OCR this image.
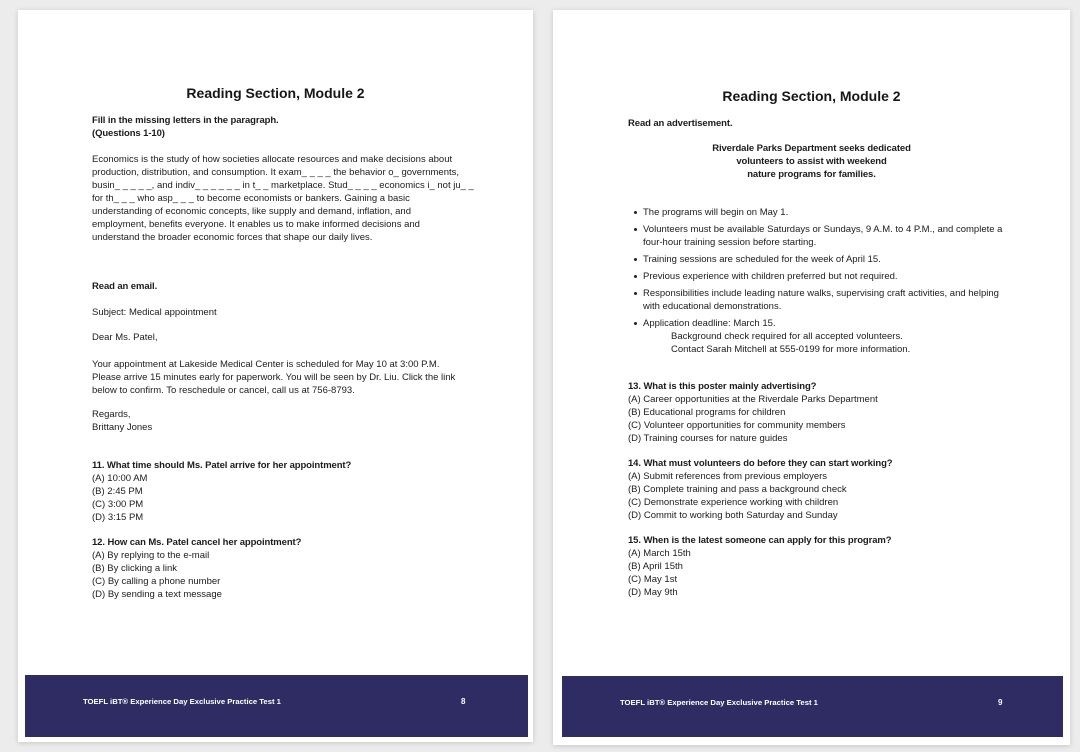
Reading Section, Module 2
Fill in the missing letters in the paragraph.
(Questions 1-10)
Economics is the study of how societies allocate resources and make decisions about
production, distribution, and consumption. It exam_ _ _ _ the behavior o_ governments,
busin_ _ _ _ _, and indiv_ _ _ _ _ _ in t_ _ marketplace. Stud_ _ _ _ economics i_ not ju_ _
for th_ _ _ who asp_ _ _ to become economists or bankers. Gaining a basic
understanding of economic concepts, like supply and demand, inflation, and
employment, benefits everyone. It enables us to make informed decisions and
understand the broader economic forces that shape our daily lives.
Read an email.
Subject: Medical appointment
Dear Ms. Patel,
Your appointment at Lakeside Medical Center is scheduled for May 10 at 3:00 P.M.
Please arrive 15 minutes early for paperwork. You will be seen by Dr. Liu. Click the link
below to confirm. To reschedule or cancel, call us at 756-8793.
Regards,
Brittany Jones
11. What time should Ms. Patel arrive for her appointment?
(A) 10:00 AM
(B) 2:45 PM
(C) 3:00 PM
(D) 3:15 PM
12. How can Ms. Patel cancel her appointment?
(A) By replying to the e-mail
(B) By clicking a link
(C) By calling a phone number
(D) By sending a text message
TOEFL iBT® Experience Day Exclusive Practice Test 1	8
Reading Section, Module 2
Read an advertisement.
Riverdale Parks Department seeks dedicated
volunteers to assist with weekend
nature programs for families.
The programs will begin on May 1.
Volunteers must be available Saturdays or Sundays, 9 A.M. to 4 P.M., and complete a
four-hour training session before starting.
Training sessions are scheduled for the week of April 15.
Previous experience with children preferred but not required.
Responsibilities include leading nature walks, supervising craft activities, and helping
with educational demonstrations.
Application deadline: March 15.
Background check required for all accepted volunteers.
Contact Sarah Mitchell at 555-0199 for more information.
13. What is this poster mainly advertising?
(A) Career opportunities at the Riverdale Parks Department
(B) Educational programs for children
(C) Volunteer opportunities for community members
(D) Training courses for nature guides
14. What must volunteers do before they can start working?
(A) Submit references from previous employers
(B) Complete training and pass a background check
(C) Demonstrate experience working with children
(D) Commit to working both Saturday and Sunday
15. When is the latest someone can apply for this program?
(A) March 15th
(B) April 15th
(C) May 1st
(D) May 9th
TOEFL iBT® Experience Day Exclusive Practice Test 1	9
